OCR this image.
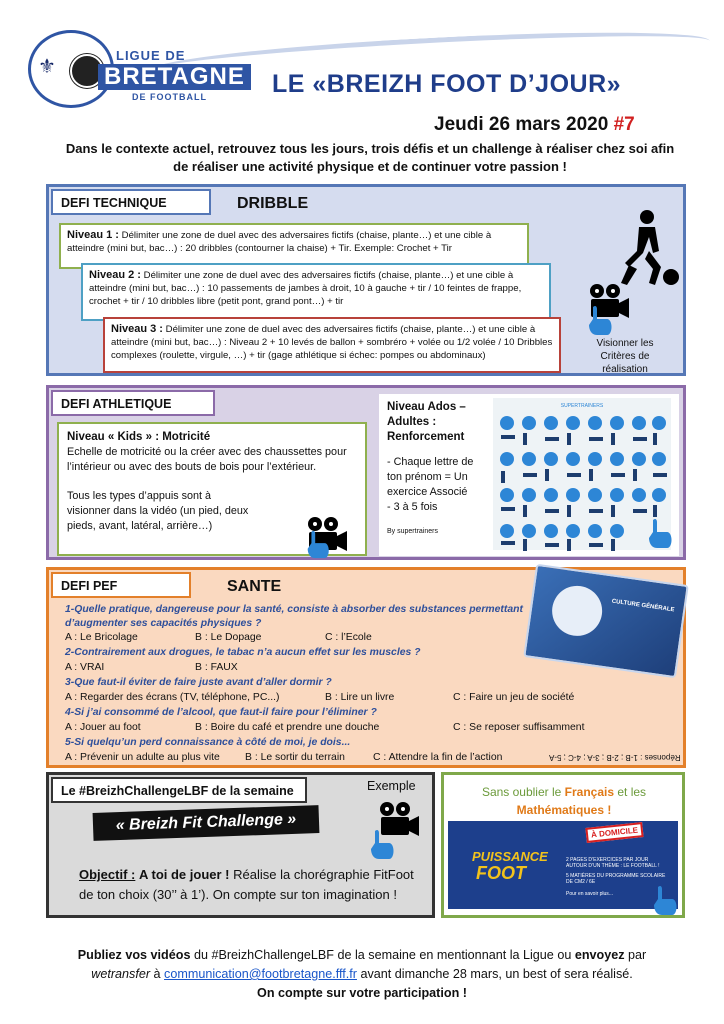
⚜	LIGUE DE
BRETAGNE
DE FOOTBALL	LE «BREIZH FOOT D’JOUR»
Jeudi 26 mars 2020 #7
Dans le contexte actuel, retrouvez tous les jours, trois défis et un challenge à réaliser chez soi afin de réaliser une activité physique et de continuer votre passion !
DEFI TECHNIQUE	DRIBBLE
Niveau 1 : Délimiter une zone de duel avec des adversaires fictifs (chaise, plante…) et une cible à atteindre (mini but, bac…) : 20 dribbles (contourner la chaise) + Tir. Exemple: Crochet + Tir
Niveau 2 : Délimiter une zone de duel avec des adversaires fictifs (chaise, plante…) et une cible à atteindre (mini but, bac…) : 10 passements de jambes à droit, 10 à gauche + tir / 10 feintes de frappe, crochet + tir / 10 dribbles libre (petit pont, grand pont…) + tir
Niveau 3 : Délimiter une zone de duel avec des adversaires fictifs (chaise, plante…) et une cible à atteindre (mini but, bac…) : Niveau 2 + 10 levés de ballon + sombréro + volée ou 1/2 volée / 10 Dribbles complexes (roulette, virgule, …) + tir (gage athlétique si échec: pompes ou abdominaux)
Visionner les Critères de réalisation
DEFI ATHLETIQUE
Niveau « Kids » : Motricité
Echelle de motricité ou la créer avec des chaussettes pour l’intérieur ou avec des bouts de bois pour l’extérieur.
Tous les types d’appuis sont à visionner dans la vidéo (un pied, deux pieds, avant, latéral, arrière…)
Niveau Ados – Adultes : Renforcement
- Chaque lettre de ton prénom = Un exercice Associé
- 3 à 5 fois
By supertrainers
SUPERTRAINERS
DEFI PEF	SANTE
CULTURE GÉNÉRALE
1-Quelle pratique, dangereuse pour la santé, consiste à absorber des substances permettant d’augmenter ses capacités physiques ?
A : Le Bricolage	B : Le Dopage	C : l’Ecole
2-Contrairement aux drogues, le tabac n’a aucun effet sur les muscles ?
A : VRAI	B : FAUX
3-Que faut-il éviter de faire juste avant d’aller dormir ?
A : Regarder des écrans (TV, téléphone, PC...)	B : Lire un livre	C : Faire un jeu de société
4-Si j’ai consommé de l’alcool, que faut-il faire pour l’éliminer ?
A : Jouer au foot	B : Boire du café et prendre une douche	C : Se reposer suffisamment
5-Si quelqu’un perd connaissance à côté de moi, je dois...
A : Prévenir un adulte au plus vite B : Le sortir du terrain	C : Attendre la fin de l’action	Réponses : 1-B ; 2-B ; 3-A ; 4-C ; 5-A
Le #BreizhChallengeLBF de la semaine	Exemple
« Breizh Fit Challenge »
Objectif : A toi de jouer ! Réalise la chorégraphie FitFoot de ton choix (30’’ à 1’). On compte sur ton imagination !
Sans oublier le Français et les Mathématiques !
À DOMICILE
PUISSANCE
FOOT
2 PAGES D’EXERCICES PAR JOUR AUTOUR D’UN THÈME : LE FOOTBALL !
5 MATIÈRES DU PROGRAMME SCOLAIRE DE CM2 / 6E
Pour en savoir plus...
Publiez vos vidéos du #BreizhChallengeLBF de la semaine en mentionnant la Ligue ou envoyez par
wetransfer à communication@footbretagne.fff.fr avant dimanche 28 mars, un best of sera réalisé.
On compte sur votre participation !
